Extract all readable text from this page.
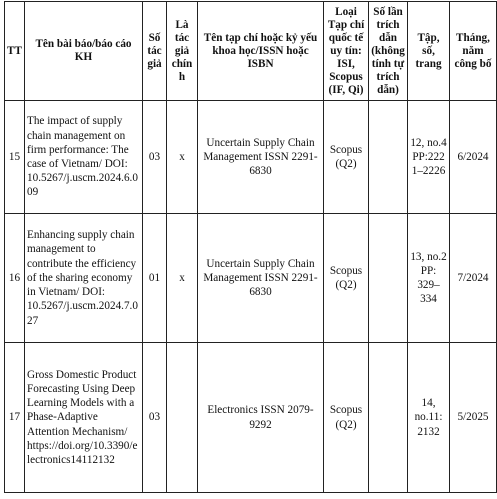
TT	Tên bài báo/báo cáo KH	Số tác giả	Là tác giả chính	Tên tạp chí hoặc kỷ yếu khoa học/ISSN hoặc ISBN	Loại Tạp chí quốc tế uy tín: ISI, Scopus (IF, Qi)	Số lần trích dẫn (không tính tự trích dẫn)	Tập, số, trang	Tháng, năm công bố
15	The impact of supply chain management on firm performance: The case of Vietnam/ DOI: 10.5267/j.uscm.2024.6.009	03	x	Uncertain Supply Chain Management ISSN 2291-6830	Scopus (Q2)		12, no.4 PP:2221–2226	6/2024
16	Enhancing supply chain management to contribute the efficiency of the sharing economy in Vietnam/ DOI: 10.5267/j.uscm.2024.7.027	01	x	Uncertain Supply Chain Management ISSN 2291-6830	Scopus (Q2)		13, no.2 PP: 329–334	7/2024
17	Gross Domestic Product Forecasting Using Deep Learning Models with a Phase-Adaptive Attention Mechanism/ https://doi.org/10.3390/electronics14112132	03		Electronics ISSN 2079-9292	Scopus (Q2)		14, no.11: 2132	5/2025
